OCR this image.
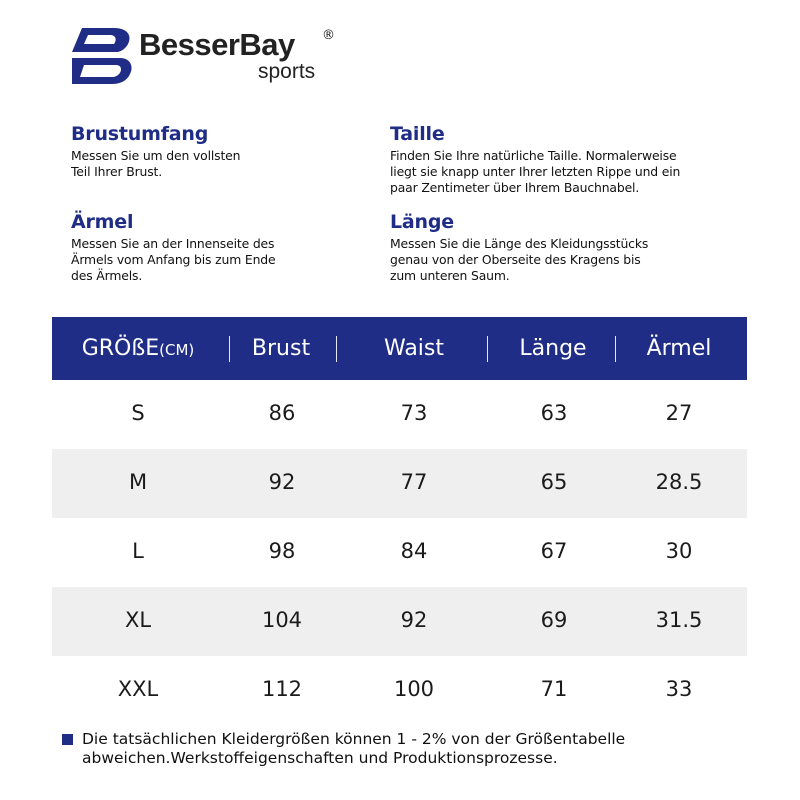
BesserBay ®
sports
Brustumfang

Messen Sie um den vollsten
Teil Ihrer Brust.

Taille

Finden Sie Ihre natürliche Taille. Normalerweise
liegt sie knapp unter Ihrer letzten Rippe und ein
paar Zentimeter über Ihrem Bauchnabel.

Ärmel

Messen Sie an der Innenseite des
Ärmels vom Anfang bis zum Ende
des Ärmels.

Länge

Messen Sie die Länge des Kleidungsstücks
genau von der Oberseite des Kragens bis
zum unteren Saum.

GRÖßE(CM)	Brust	Waist	Länge	Ärmel
S	86	73	63	27
M	92	77	65	28.5
L	98	84	67	30
XL	104	92	69	31.5
XXL	112	100	71	33

Die tatsächlichen Kleidergrößen können 1 - 2% von der Größentabelle
abweichen.Werkstoffeigenschaften und Produktionsprozesse.
